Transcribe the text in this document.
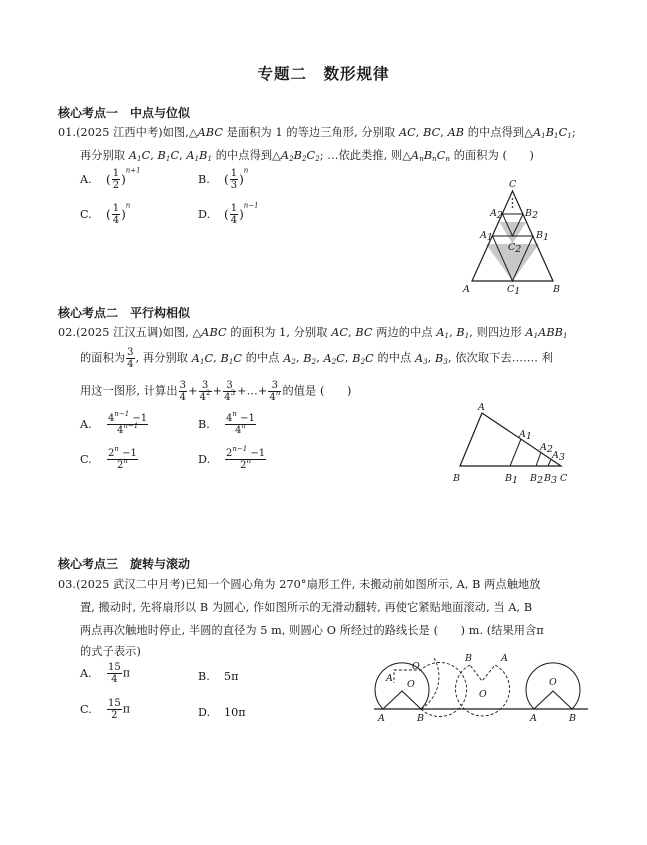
专题二　数形规律
核心考点一　中点与位似
01.(2025 江西中考)如图,△ABC 是面积为 1 的等边三角形, 分别取 AC, BC, AB 的中点得到$\triangle A_1B_1C_1$;
再分别取 $A_1C$, $B_1C$, $A_1B_1$ 的中点得到$\triangle A_2B_2C_2$; …依此类推, 则$\triangle A_nB_nC_n$ 的面积为 (　　)
A. ( $\frac{1}{2} )^{n+1}$
B. ( $\frac{1}{3} )^n$
C. ( $\frac{1}{4} )^n$
D. ( $\frac{1}{4} )^{n-1}$
C
A2 B2
A1	B1
C2
A	C1	B
核心考点二　平行构相似
02.(2025 江汉五调)如图, △ABC 的面积为 1, 分别取 AC, BC 两边的中点 $A_1$, $B_1$, 则四边形 $A_1ABB_1$
的面积为 $\frac{3}{4}$ , 再分别取 $A_1C$, $B_1C$ 的中点 $A_2$, $B_2$, $A_2C$, $B_2C$ 的中点 $A_3$, $B_3$, 依次取下去……. 利
用这一图形, 计算出 $\frac{3}{4} + \frac{3}{4^2} + \frac{3}{4^3}$ +…+ $\frac{3}{4^n}$ 的值是 (　　)
A. $\frac{4^{n-1} -1}{4^{n-1}}$	B. $\frac{4^n -1}{4^n}$
C. $\frac{2^n -1}{2^n}$	D. $\frac{2^{n-1} -1}{2^n}$
A
B	C
A1
A2
A3
B1 B2 B3
核心考点三　旋转与滚动
03.(2025 武汉二中月考)已知一个圆心角为 270°扇形工件, 未搬动前如图所示, A, B 两点触地放
置, 搬动时, 先将扇形以 B 为圆心, 作如图所示的无滑动翻转, 再使它紧贴地面滚动, 当 A, B
两点再次触地时停止, 半圆的直径为 5 m, 则圆心 O 所经过的路线长是 (　　) m. (结果用含π
的式子表示)
A. $\frac{15}{4}$ π	B. 5π
C. $\frac{15}{2}$ π	D. 10π	A	B
A
O
O
B	A
O
O
A	B
